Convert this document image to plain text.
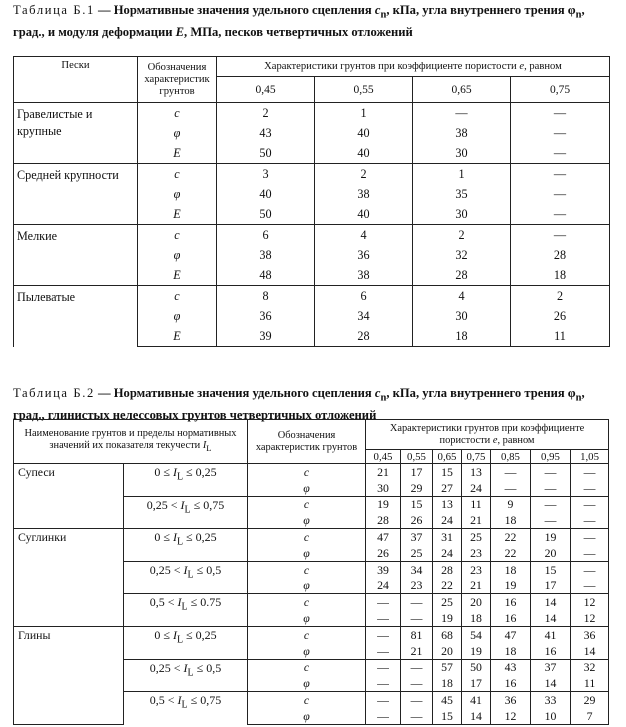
Таблица Б.1 — Нормативные значения удельного сцепления $c_n$, кПа, угла внутреннего трения $\varphi_n$, град., и модуля деформации E, МПа, песков четвертичных отложений
Пески	Обозначения характеристик грунтов	Характеристики грунтов при коэффициенте пористости e, равном			
		0,45	0,55	0,65	0,75
Гравелистые и крупные	c	2	1	—	—
	φ	43	40	38	—
	E	50	40	30	—
Средней крупности	c	3	2	1	—
	φ	40	38	35	—
	E	50	40	30	—
Мелкие	c	6	4	2	—
	φ	38	36	32	28
	E	48	38	28	18
Пылеватые	c	8	6	4	2
	φ	36	34	30	26
	E	39	28	18	11
Таблица Б.2 — Нормативные значения удельного сцепления $c_n$, кПа, угла внутреннего трения $\varphi_n$, град., глинистых нелессовых грунтов четвертичных отложений
Наименование грунтов и пределы нормативных значений их показателя текучести $I_L$		Обозначения характеристик грунтов	Характеристики грунтов при коэффициенте пористости e, равном						
			0,45	0,55	0,65	0,75	0,85	0,95	1,05
Супеси	$0 \le I_L \le 0,25$	c	21	17	15	13	—	—	—
		φ	30	29	27	24	—	—	—
	$0,25 < I_L \le 0,75$	c	19	15	13	11	9	—	—
		φ	28	26	24	21	18	—	—
Суглинки	$0 \le I_L \le 0,25$	c	47	37	31	25	22	19	—
		φ	26	25	24	23	22	20	—
	$0,25 < I_L \le 0,5$	c	39	34	28	23	18	15	—
		φ	24	23	22	21	19	17	—
	$0,5 < I_L \le 0.75$	c	—	—	25	20	16	14	12
		φ	—	—	19	18	16	14	12
Глины	$0 \le I_L \le 0,25$	c	—	81	68	54	47	41	36
		φ	—	21	20	19	18	16	14
	$0,25 < I_L \le 0,5$	c	—	—	57	50	43	37	32
		φ	—	—	18	17	16	14	11
	$0,5 < I_L \le 0,75$	c	—	—	45	41	36	33	29
		φ	—	—	15	14	12	10	7
